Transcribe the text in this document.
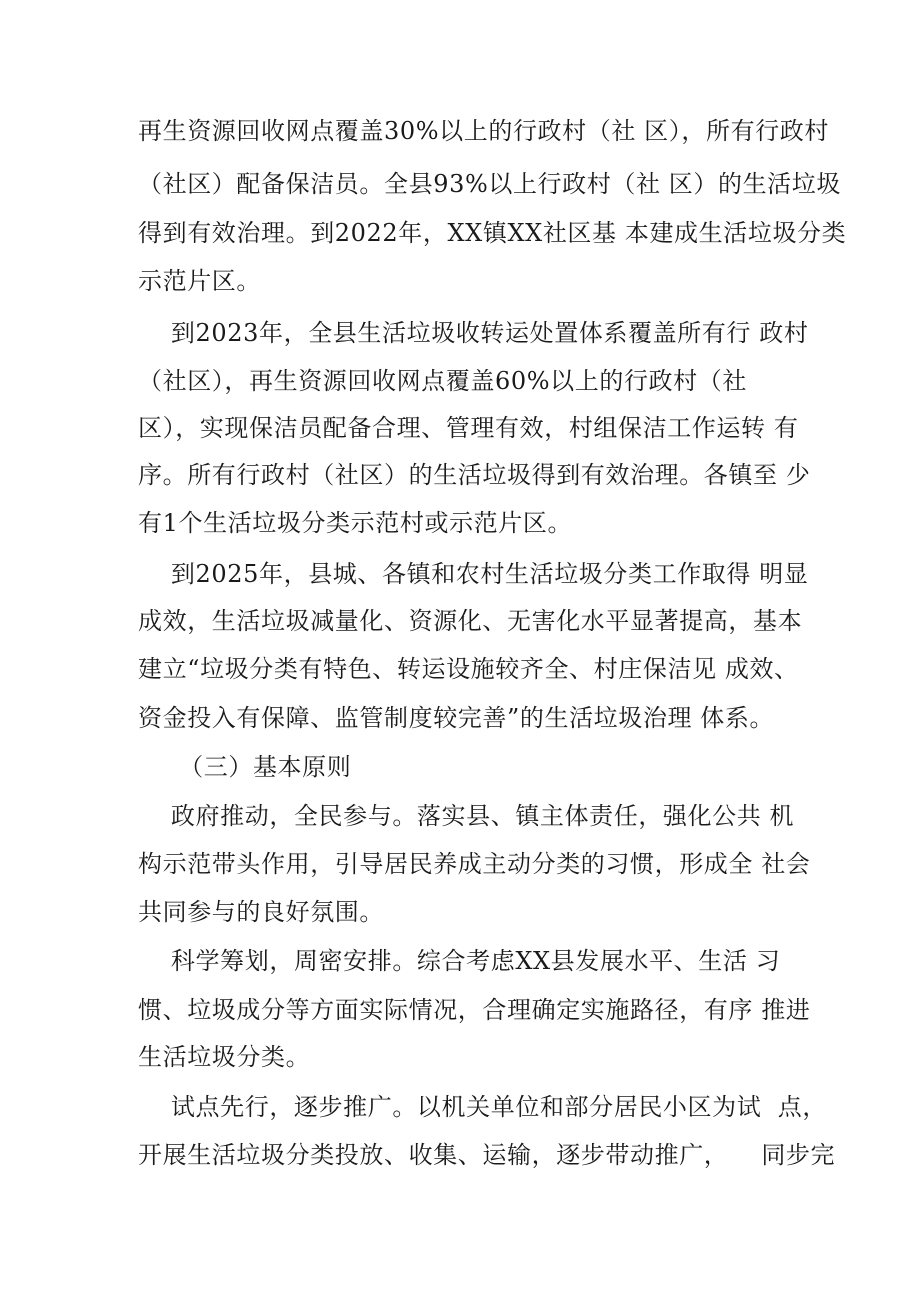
再生资源回收网点覆盖30%以上的行政村（社 区），所有行政村
（社区）配备保洁员。全县93%以上行政村（社 区）的生活垃圾
得到有效治理。到2022年，XX镇XX社区基 本建成生活垃圾分类
示范片区。
到2023年，全县生活垃圾收转运处置体系覆盖所有行 政村
（社区），再生资源回收网点覆盖60%以上的行政村（社
区），实现保洁员配备合理、管理有效，村组保洁工作运转 有
序。所有行政村（社区）的生活垃圾得到有效治理。各镇至 少
有1个生活垃圾分类示范村或示范片区。
到2025年，县城、各镇和农村生活垃圾分类工作取得 明显
成效，生活垃圾减量化、资源化、无害化水平显著提高，基本
建立“垃圾分类有特色、转运设施较齐全、村庄保洁见 成效、
资金投入有保障、监管制度较完善”的生活垃圾治理 体系。
（三）基本原则
政府推动，全民参与。落实县、镇主体责任，强化公共 机
构示范带头作用，引导居民养成主动分类的习惯，形成全 社会
共同参与的良好氛围。
科学筹划，周密安排。综合考虑XX县发展水平、生活 习
惯、垃圾成分等方面实际情况，合理确定实施路径，有序 推进
生活垃圾分类。
试点先行，逐步推广。以机关单位和部分居民小区为试  点，
开展生活垃圾分类投放、收集、运输，逐步带动推广，    同步完
